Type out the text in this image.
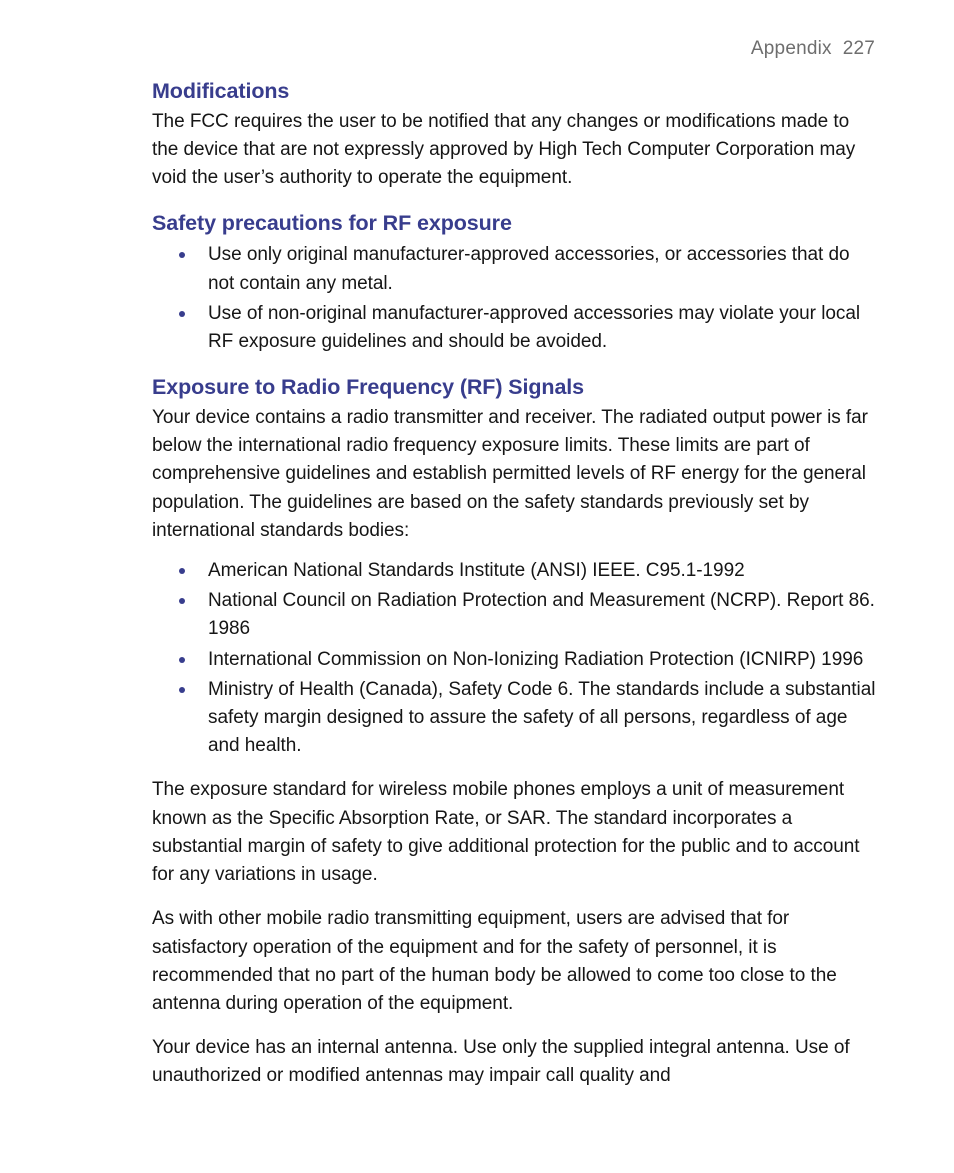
Appendix  227
Modifications

The FCC requires the user to be notified that any changes or modifications made to the device that are not expressly approved by High Tech Computer Corporation may void the user’s authority to operate the equipment.

Safety precautions for RF exposure
Use only original manufacturer-approved accessories, or accessories that do not contain any metal.
Use of non-original manufacturer-approved accessories may violate your local RF exposure guidelines and should be avoided.
Exposure to Radio Frequency (RF) Signals

Your device contains a radio transmitter and receiver. The radiated output power is far below the international radio frequency exposure limits. These limits are part of comprehensive guidelines and establish permitted levels of RF energy for the general population. The guidelines are based on the safety standards previously set by international standards bodies:

American National Standards Institute (ANSI) IEEE. C95.1-1992
National Council on Radiation Protection and Measurement (NCRP). Report 86. 1986
International Commission on Non-Ionizing Radiation Protection (ICNIRP) 1996
Ministry of Health (Canada), Safety Code 6. The standards include a substantial safety margin designed to assure the safety of all persons, regardless of age and health.

The exposure standard for wireless mobile phones employs a unit of measurement known as the Specific Absorption Rate, or SAR. The standard incorporates a substantial margin of safety to give additional protection for the public and to account for any variations in usage.

As with other mobile radio transmitting equipment, users are advised that for satisfactory operation of the equipment and for the safety of personnel, it is recommended that no part of the human body be allowed to come too close to the antenna during operation of the equipment.

Your device has an internal antenna. Use only the supplied integral antenna. Use of unauthorized or modified antennas may impair call quality and
